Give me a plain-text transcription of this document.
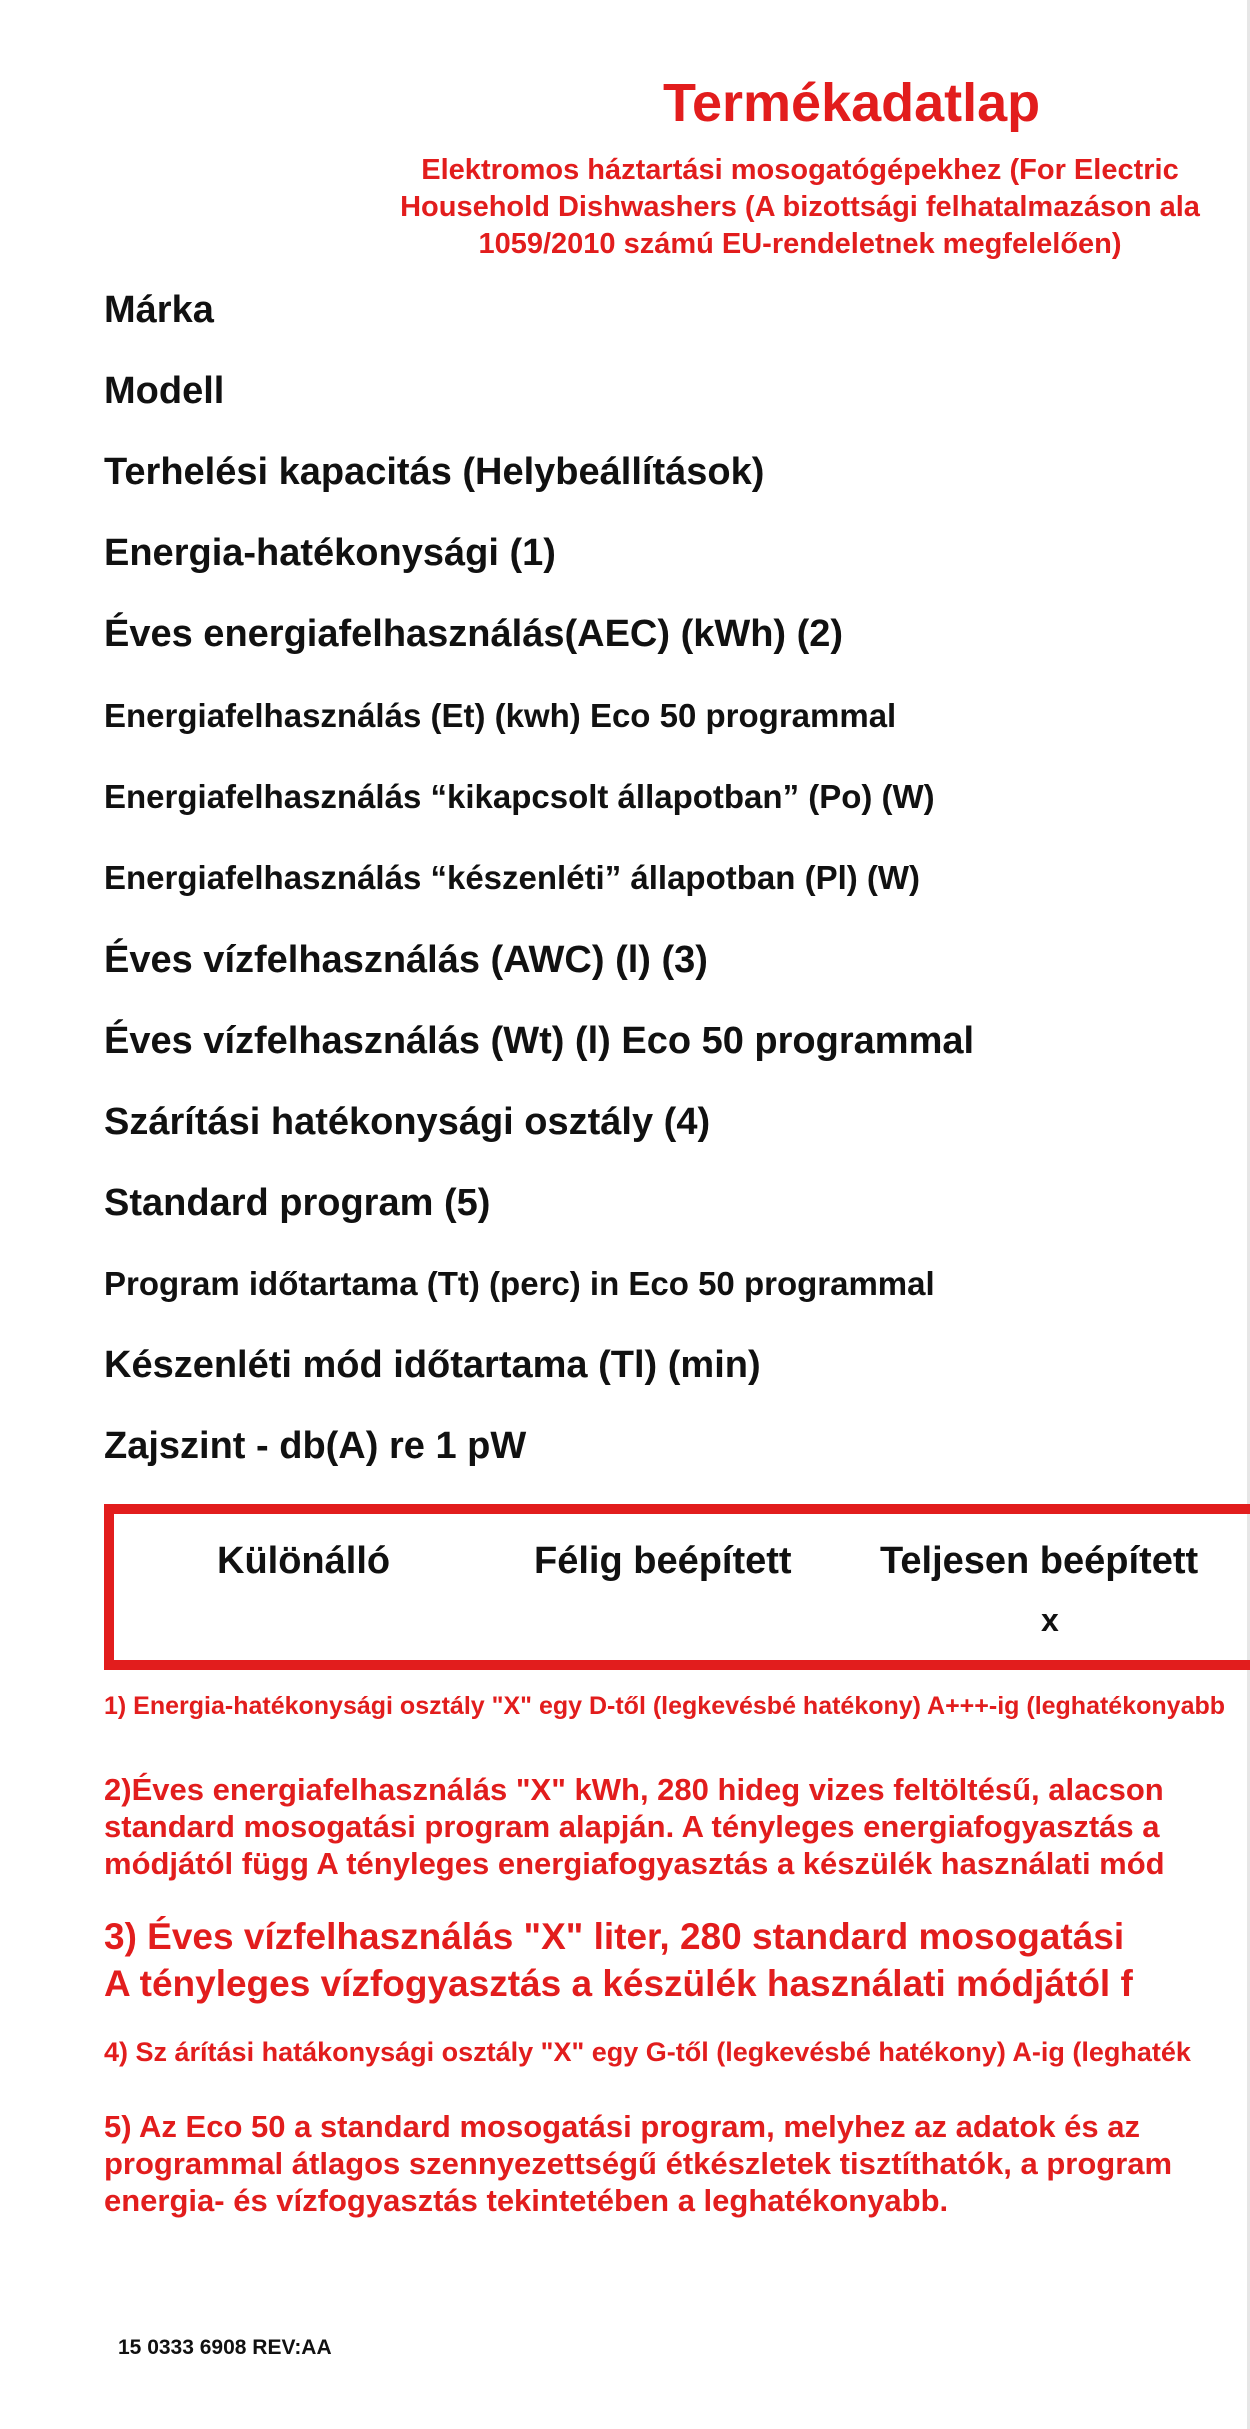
Termékadatlap
Elektromos háztartási mosogatógépekhez (For Electric
Household Dishwashers (A bizottsági felhatalmazáson ala
1059/2010 számú EU-rendeletnek megfelelően)
Márka
Modell
Terhelési kapacitás (Helybeállítások)
Energia-hatékonysági (1)
Éves energiafelhasználás(AEC) (kWh) (2)
Energiafelhasználás (Et) (kwh) Eco 50 programmal
Energiafelhasználás “kikapcsolt állapotban” (Po) (W)
Energiafelhasználás “készenléti” állapotban (Pl) (W)
Éves vízfelhasználás (AWC) (l) (3)
Éves vízfelhasználás (Wt) (l) Eco 50 programmal
Szárítási hatékonysági osztály (4)
Standard program (5)
Program időtartama (Tt) (perc) in Eco 50 programmal
Készenléti mód időtartama (Tl) (min)
Zajszint - db(A) re 1 pW
Különálló	Félig beépített Teljesen beépített
x
1) Energia-hatékonysági osztály "X" egy D-től (legkevésbé hatékony) A+++-ig (leghatékonyabb
2)Éves energiafelhasználás "X" kWh, 280 hideg vizes feltöltésű, alacson
standard mosogatási program alapján. A tényleges energiafogyasztás a
módjától függ A tényleges energiafogyasztás a készülék használati mód
3) Éves vízfelhasználás "X" liter, 280 standard mosogatási
A tényleges vízfogyasztás a készülék használati módjától f
4) Sz árítási hatákonysági osztály "X" egy G-től (legkevésbé hatékony) A-ig (leghaték
5) Az Eco 50 a standard mosogatási program, melyhez az adatok és az
programmal átlagos szennyezettségű étkészletek tisztíthatók, a program
energia- és vízfogyasztás tekintetében a leghatékonyabb.
15 0333 6908 REV:AA
